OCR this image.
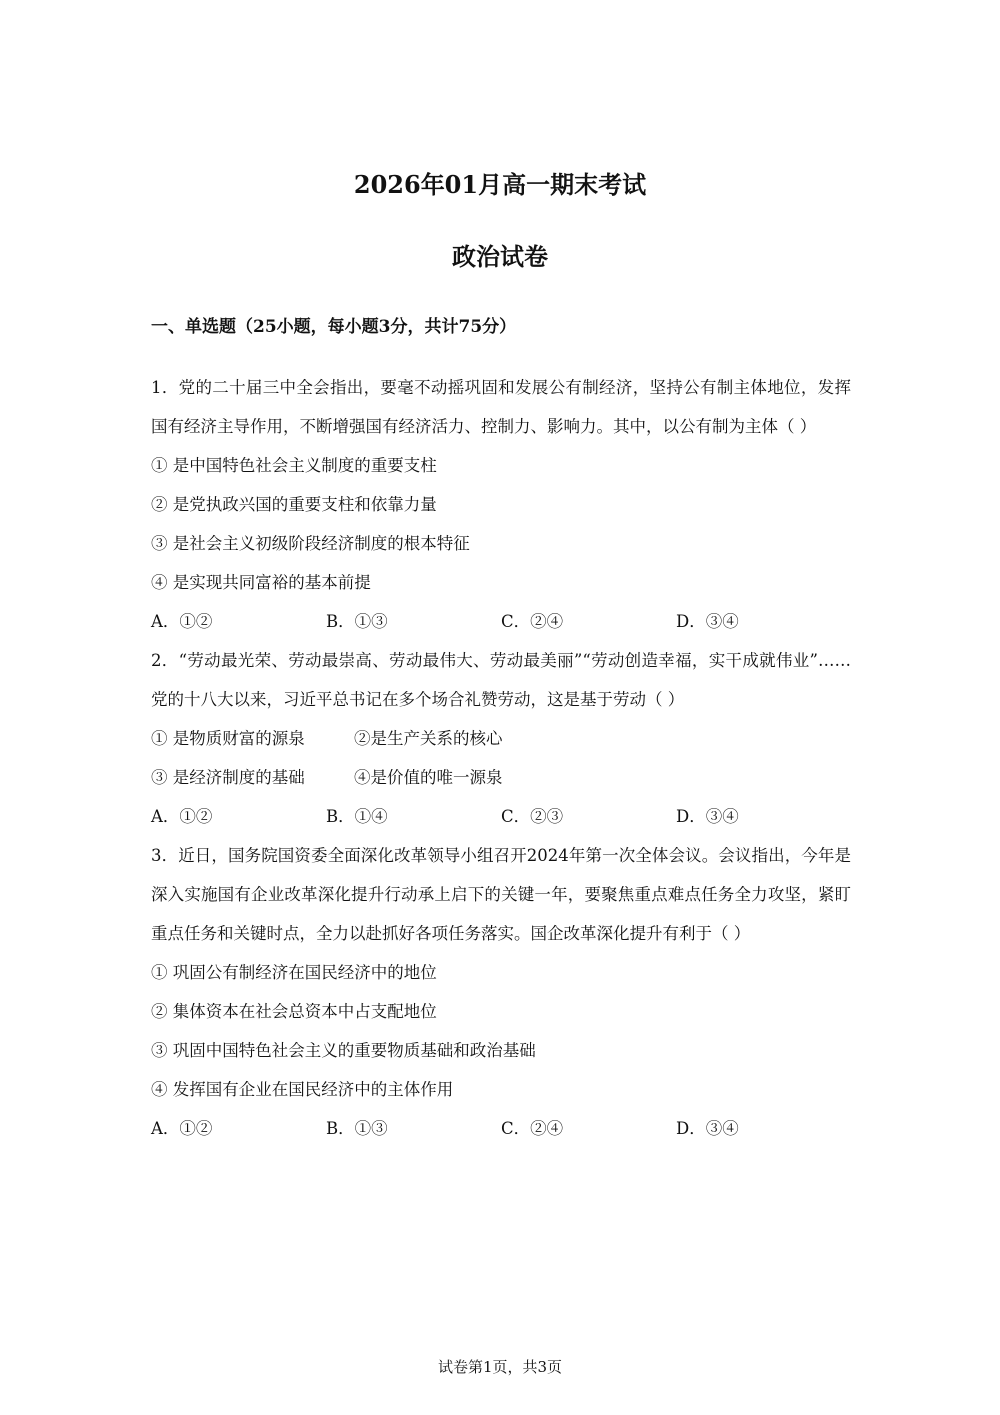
2026年01月高一期末考试
政治试卷
一、单选题（25小题，每小题3分，共计75分）
1．党的二十届三中全会指出，要毫不动摇巩固和发展公有制经济，坚持公有制主体地位，发挥国有经济主导作用，不断增强国有经济活力、控制力、影响力。其中，以公有制为主体（ ）
① 是中国特色社会主义制度的重要支柱
② 是党执政兴国的重要支柱和依靠力量
③ 是社会主义初级阶段经济制度的根本特征
④ 是实现共同富裕的基本前提
A．①②	B．①③	C．②④	D．③④
2．“劳动最光荣、劳动最崇高、劳动最伟大、劳动最美丽”“劳动创造幸福，实干成就伟业”……党的十八大以来，习近平总书记在多个场合礼赞劳动，这是基于劳动（ ）
① 是物质财富的源泉	②是生产关系的核心
③ 是经济制度的基础	④是价值的唯一源泉
A．①②	B．①④	C．②③	D．③④
3．近日，国务院国资委全面深化改革领导小组召开2024年第一次全体会议。会议指出，今年是深入实施国有企业改革深化提升行动承上启下的关键一年，要聚焦重点难点任务全力攻坚，紧盯重点任务和关键时点，全力以赴抓好各项任务落实。国企改革深化提升有利于（ ）
① 巩固公有制经济在国民经济中的地位
② 集体资本在社会总资本中占支配地位
③ 巩固中国特色社会主义的重要物质基础和政治基础
④ 发挥国有企业在国民经济中的主体作用
A．①②	B．①③	C．②④	D．③④
试卷第1页，共3页
